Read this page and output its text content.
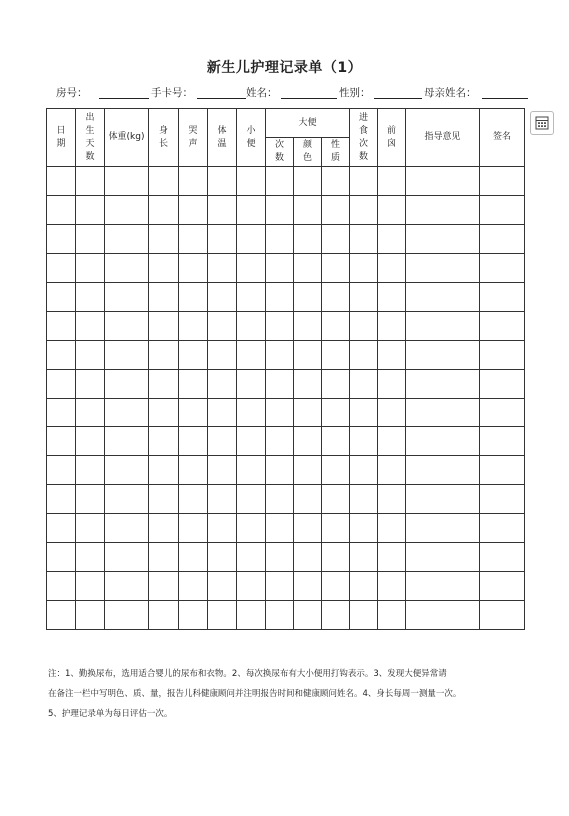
新生儿护理记录单（1）
房号：	手卡号：	姓名：	性别：	母亲姓名：
日期	出生天数	体重(kg)	身长	哭声	体温	小便	大便			进食次数	前囟	指导意见	签名
							次数	颜色	性质				

注：1、勤换尿布，选用适合婴儿的尿布和衣物。2、每次换尿布有大小便用打钩表示。3、发现大便异常请
在备注一栏中写明色、质、量，报告儿科健康顾问并注明报告时间和健康顾问姓名。4、身长每周一测量一次。
5、护理记录单为每日评估一次。
